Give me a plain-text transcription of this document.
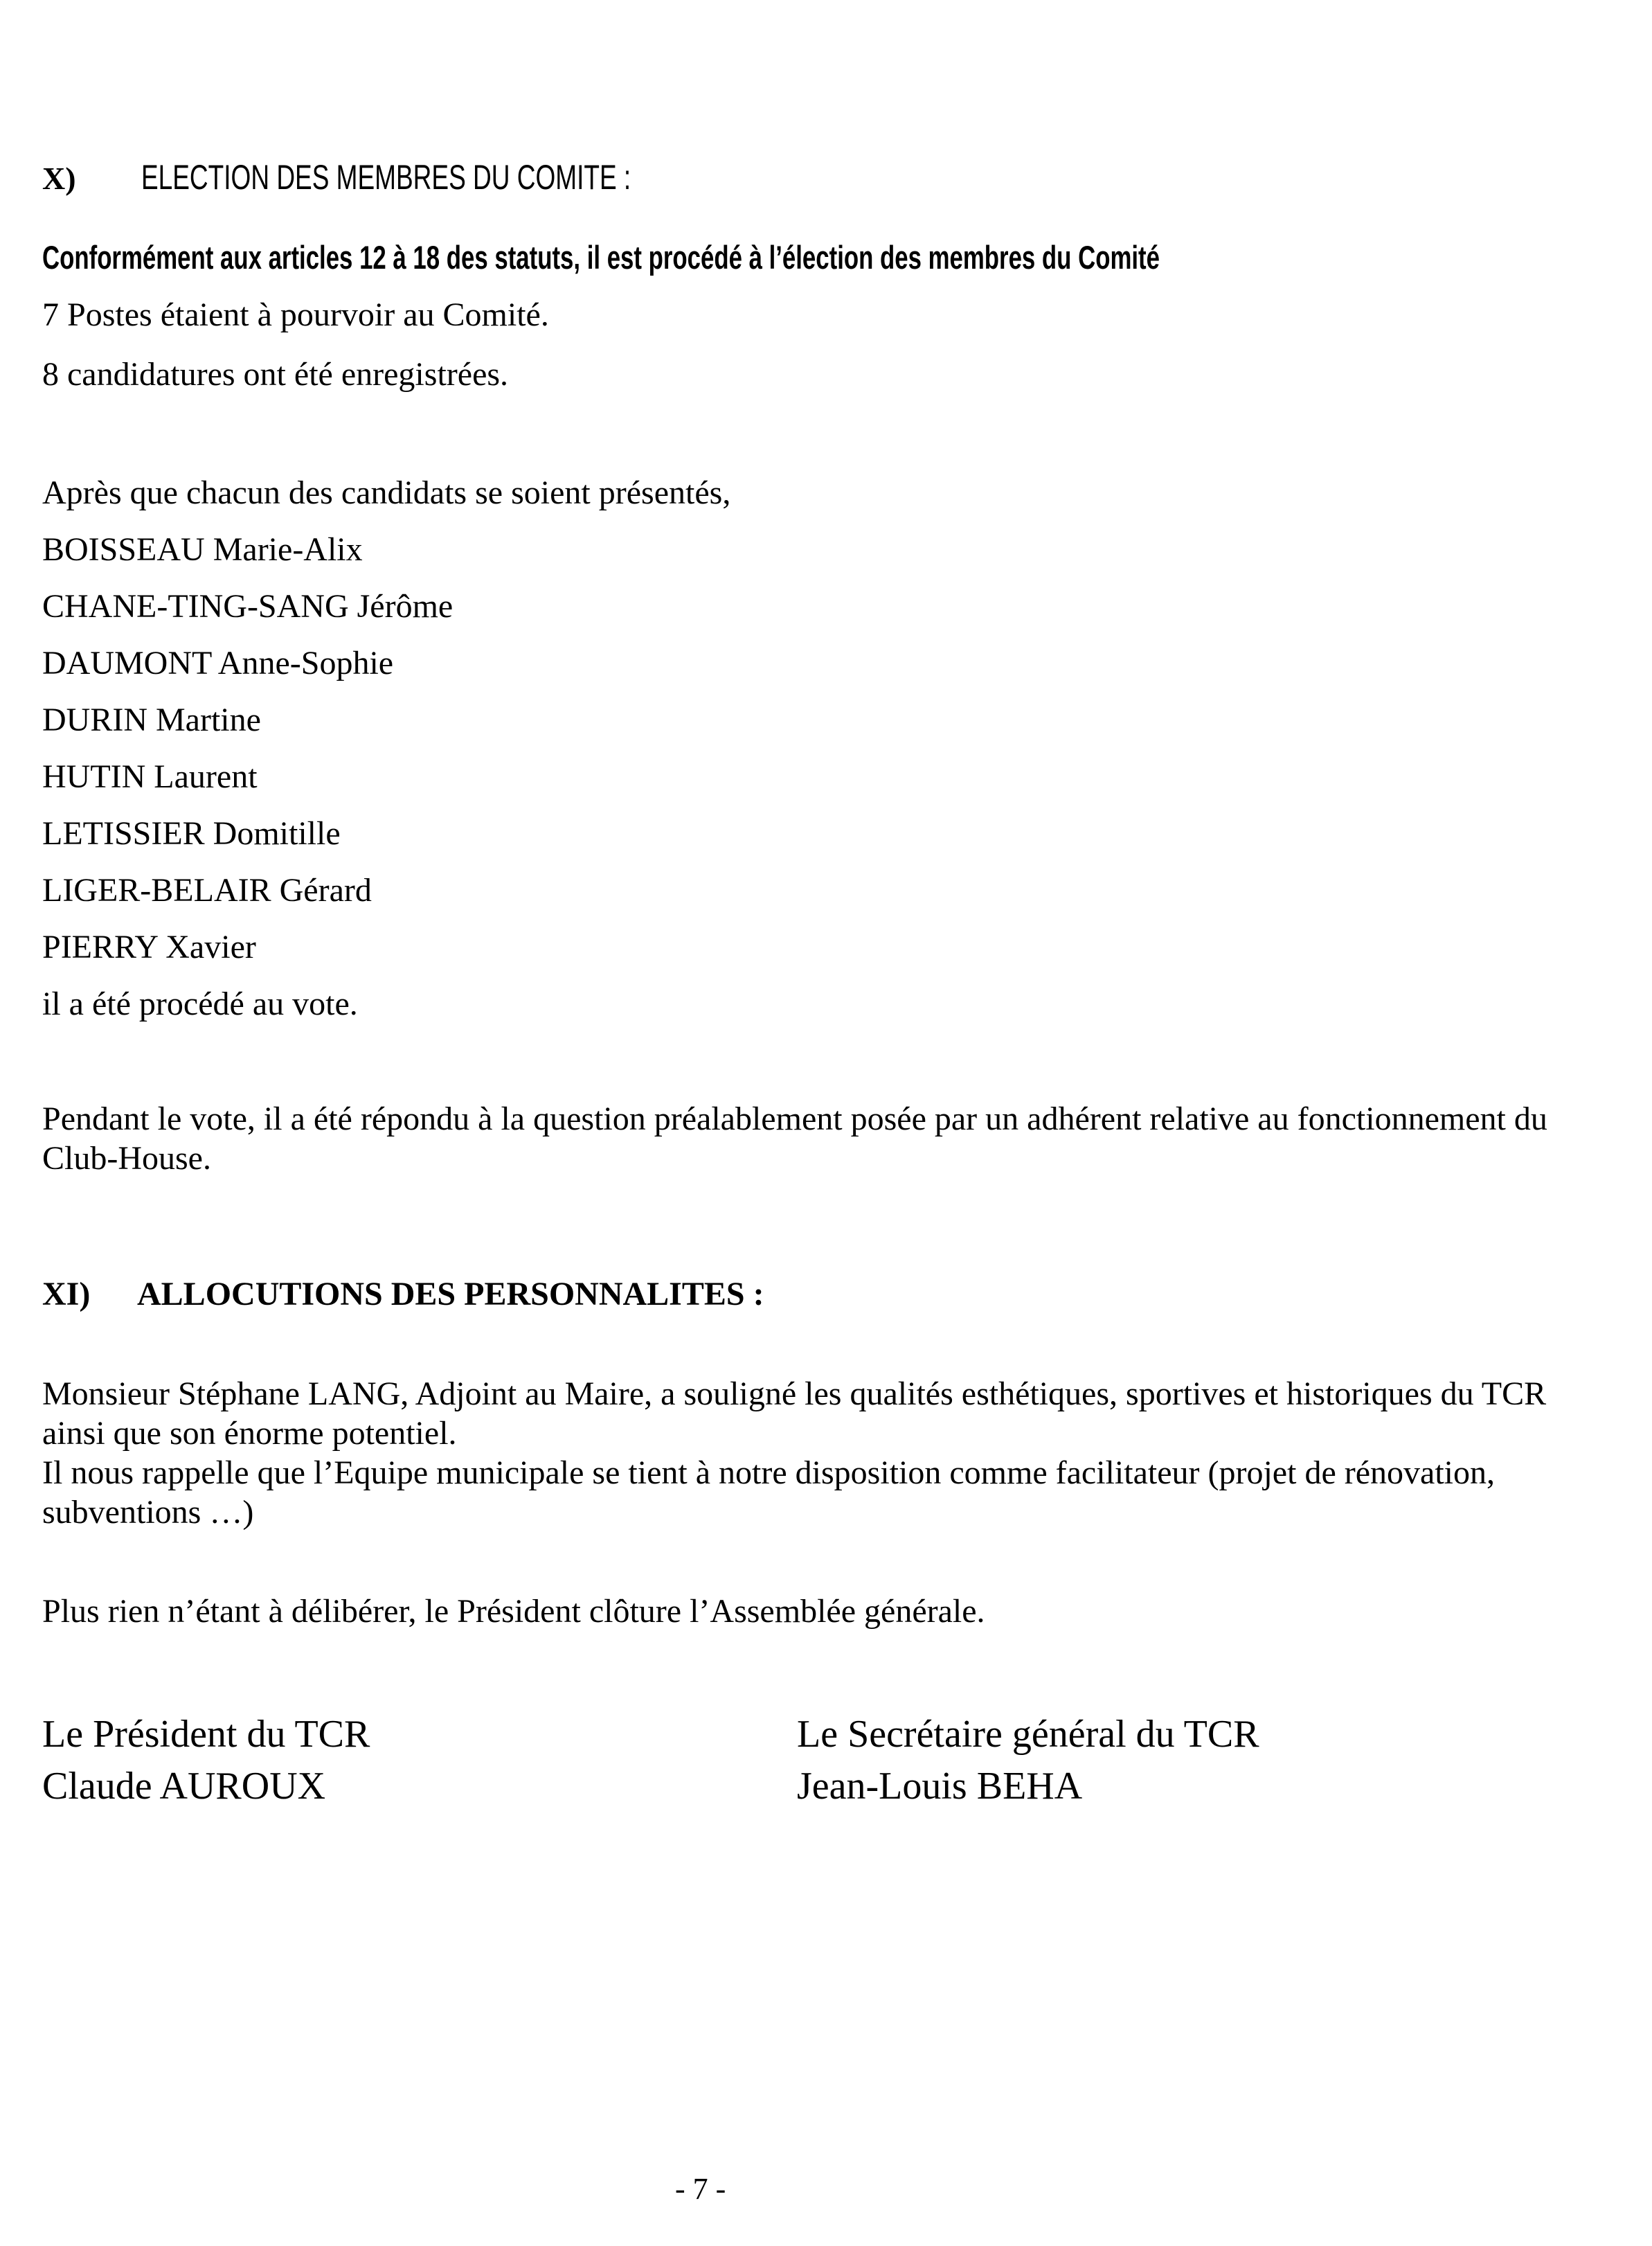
X) ELECTION DES MEMBRES DU COMITE :
Conformément aux articles 12 à 18 des statuts, il est procédé à l’élection des membres du Comité
7 Postes étaient à pourvoir au Comité.
8 candidatures ont été enregistrées.
Après que chacun des candidats se soient présentés,
BOISSEAU Marie-Alix
CHANE-TING-SANG Jérôme
DAUMONT Anne-Sophie
DURIN Martine
HUTIN Laurent
LETISSIER Domitille
LIGER-BELAIR Gérard
PIERRY Xavier
il a été procédé au vote.
Pendant le vote, il a été répondu à la question préalablement posée par un adhérent relative au fonctionnement du Club-House.
XI) ALLOCUTIONS DES PERSONNALITES :
Monsieur Stéphane LANG, Adjoint au Maire, a souligné les qualités esthétiques, sportives et historiques du TCR ainsi que son énorme potentiel.
Il nous rappelle que l’Equipe municipale se tient à notre disposition comme facilitateur (projet de rénovation, subventions …)
Plus rien n’étant à délibérer, le Président clôture l’Assemblée générale.
Le Président du TCR
Claude AUROUX
Le Secrétaire général du TCR
Jean-Louis BEHA
- 7 -
